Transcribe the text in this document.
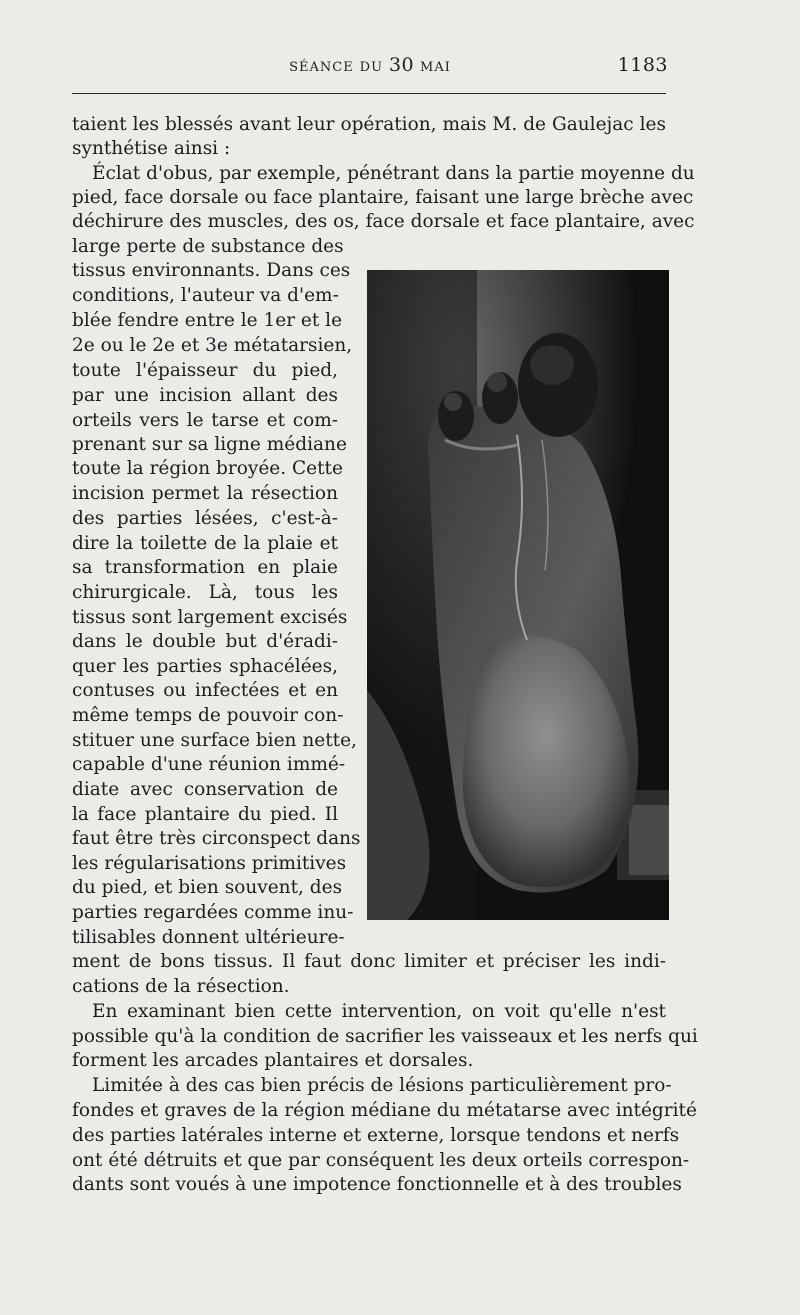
SÉANCE DU 30 MAI	1183
taient les blessés avant leur opération, mais M. de Gaulejac les
synthétise ainsi :
Éclat d'obus, par exemple, pénétrant dans la partie moyenne du
pied, face dorsale ou face plantaire, faisant une large brèche avec
déchirure des muscles, des os, face dorsale et face plantaire, avec
large perte de substance des
tissus environnants. Dans ces
conditions, l'auteur va d'em-
blée fendre entre le 1er et le
2e ou le 2e et 3e métatarsien,
toute l'épaisseur du pied,
par une incision allant des
orteils vers le tarse et com-
prenant sur sa ligne médiane
toute la région broyée. Cette
incision permet la résection
des parties lésées, c'est-à-
dire la toilette de la plaie et
sa transformation en plaie
chirurgicale. Là, tous les
tissus sont largement excisés
dans le double but d'éradi-
quer les parties sphacélées,
contuses ou infectées et en
même temps de pouvoir con-
stituer une surface bien nette,
capable d'une réunion immé-
diate avec conservation de
la face plantaire du pied. Il
faut être très circonspect dans
les régularisations primitives
du pied, et bien souvent, des
parties regardées comme inu-
tilisables donnent ultérieure-
ment de bons tissus. Il faut donc limiter et préciser les indi-
cations de la résection.
En examinant bien cette intervention, on voit qu'elle n'est
possible qu'à la condition de sacrifier les vaisseaux et les nerfs qui
forment les arcades plantaires et dorsales.
Limitée à des cas bien précis de lésions particulièrement pro-
fondes et graves de la région médiane du métatarse avec intégrité
des parties latérales interne et externe, lorsque tendons et nerfs
ont été détruits et que par conséquent les deux orteils correspon-
dants sont voués à une impotence fonctionnelle et à des troubles
